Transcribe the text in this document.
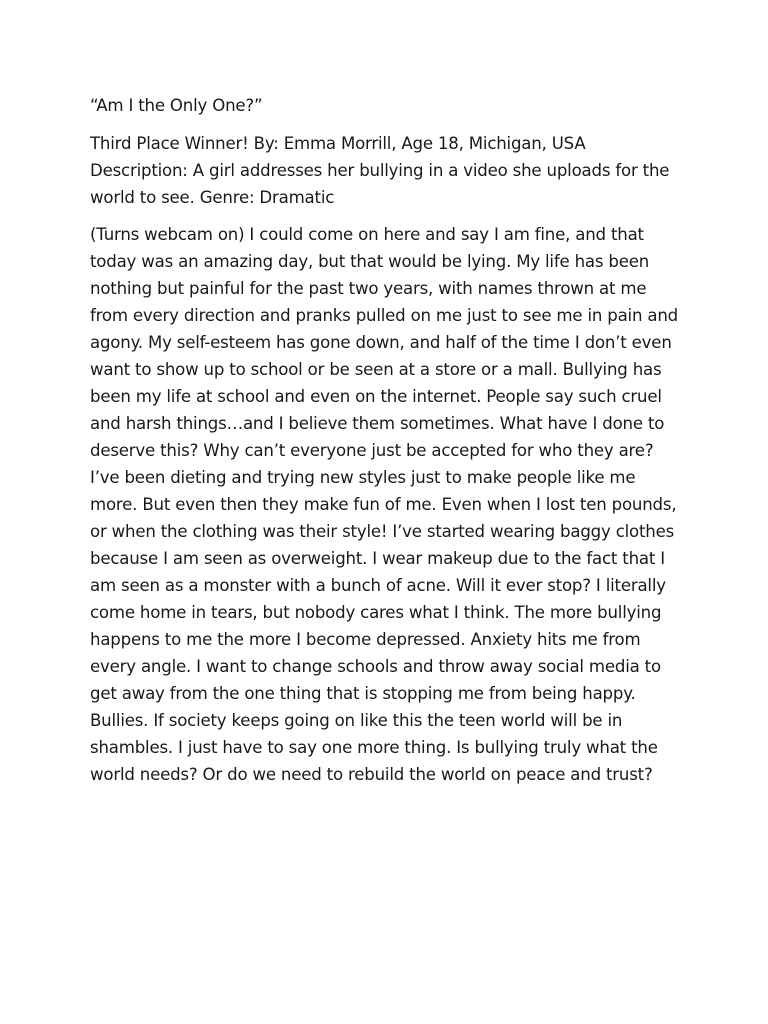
“Am I the Only One?”
Third Place Winner! By: Emma Morrill, Age 18, Michigan, USA
Description: A girl addresses her bullying in a video she uploads for the
world to see. Genre: Dramatic
(Turns webcam on) I could come on here and say I am fine, and that
today was an amazing day, but that would be lying. My life has been
nothing but painful for the past two years, with names thrown at me
from every direction and pranks pulled on me just to see me in pain and
agony. My self-esteem has gone down, and half of the time I don’t even
want to show up to school or be seen at a store or a mall. Bullying has
been my life at school and even on the internet. People say such cruel
and harsh things…and I believe them sometimes. What have I done to
deserve this? Why can’t everyone just be accepted for who they are?
I’ve been dieting and trying new styles just to make people like me
more. But even then they make fun of me. Even when I lost ten pounds,
or when the clothing was their style! I’ve started wearing baggy clothes
because I am seen as overweight. I wear makeup due to the fact that I
am seen as a monster with a bunch of acne. Will it ever stop? I literally
come home in tears, but nobody cares what I think. The more bullying
happens to me the more I become depressed. Anxiety hits me from
every angle. I want to change schools and throw away social media to
get away from the one thing that is stopping me from being happy.
Bullies. If society keeps going on like this the teen world will be in
shambles. I just have to say one more thing. Is bullying truly what the
world needs? Or do we need to rebuild the world on peace and trust?
